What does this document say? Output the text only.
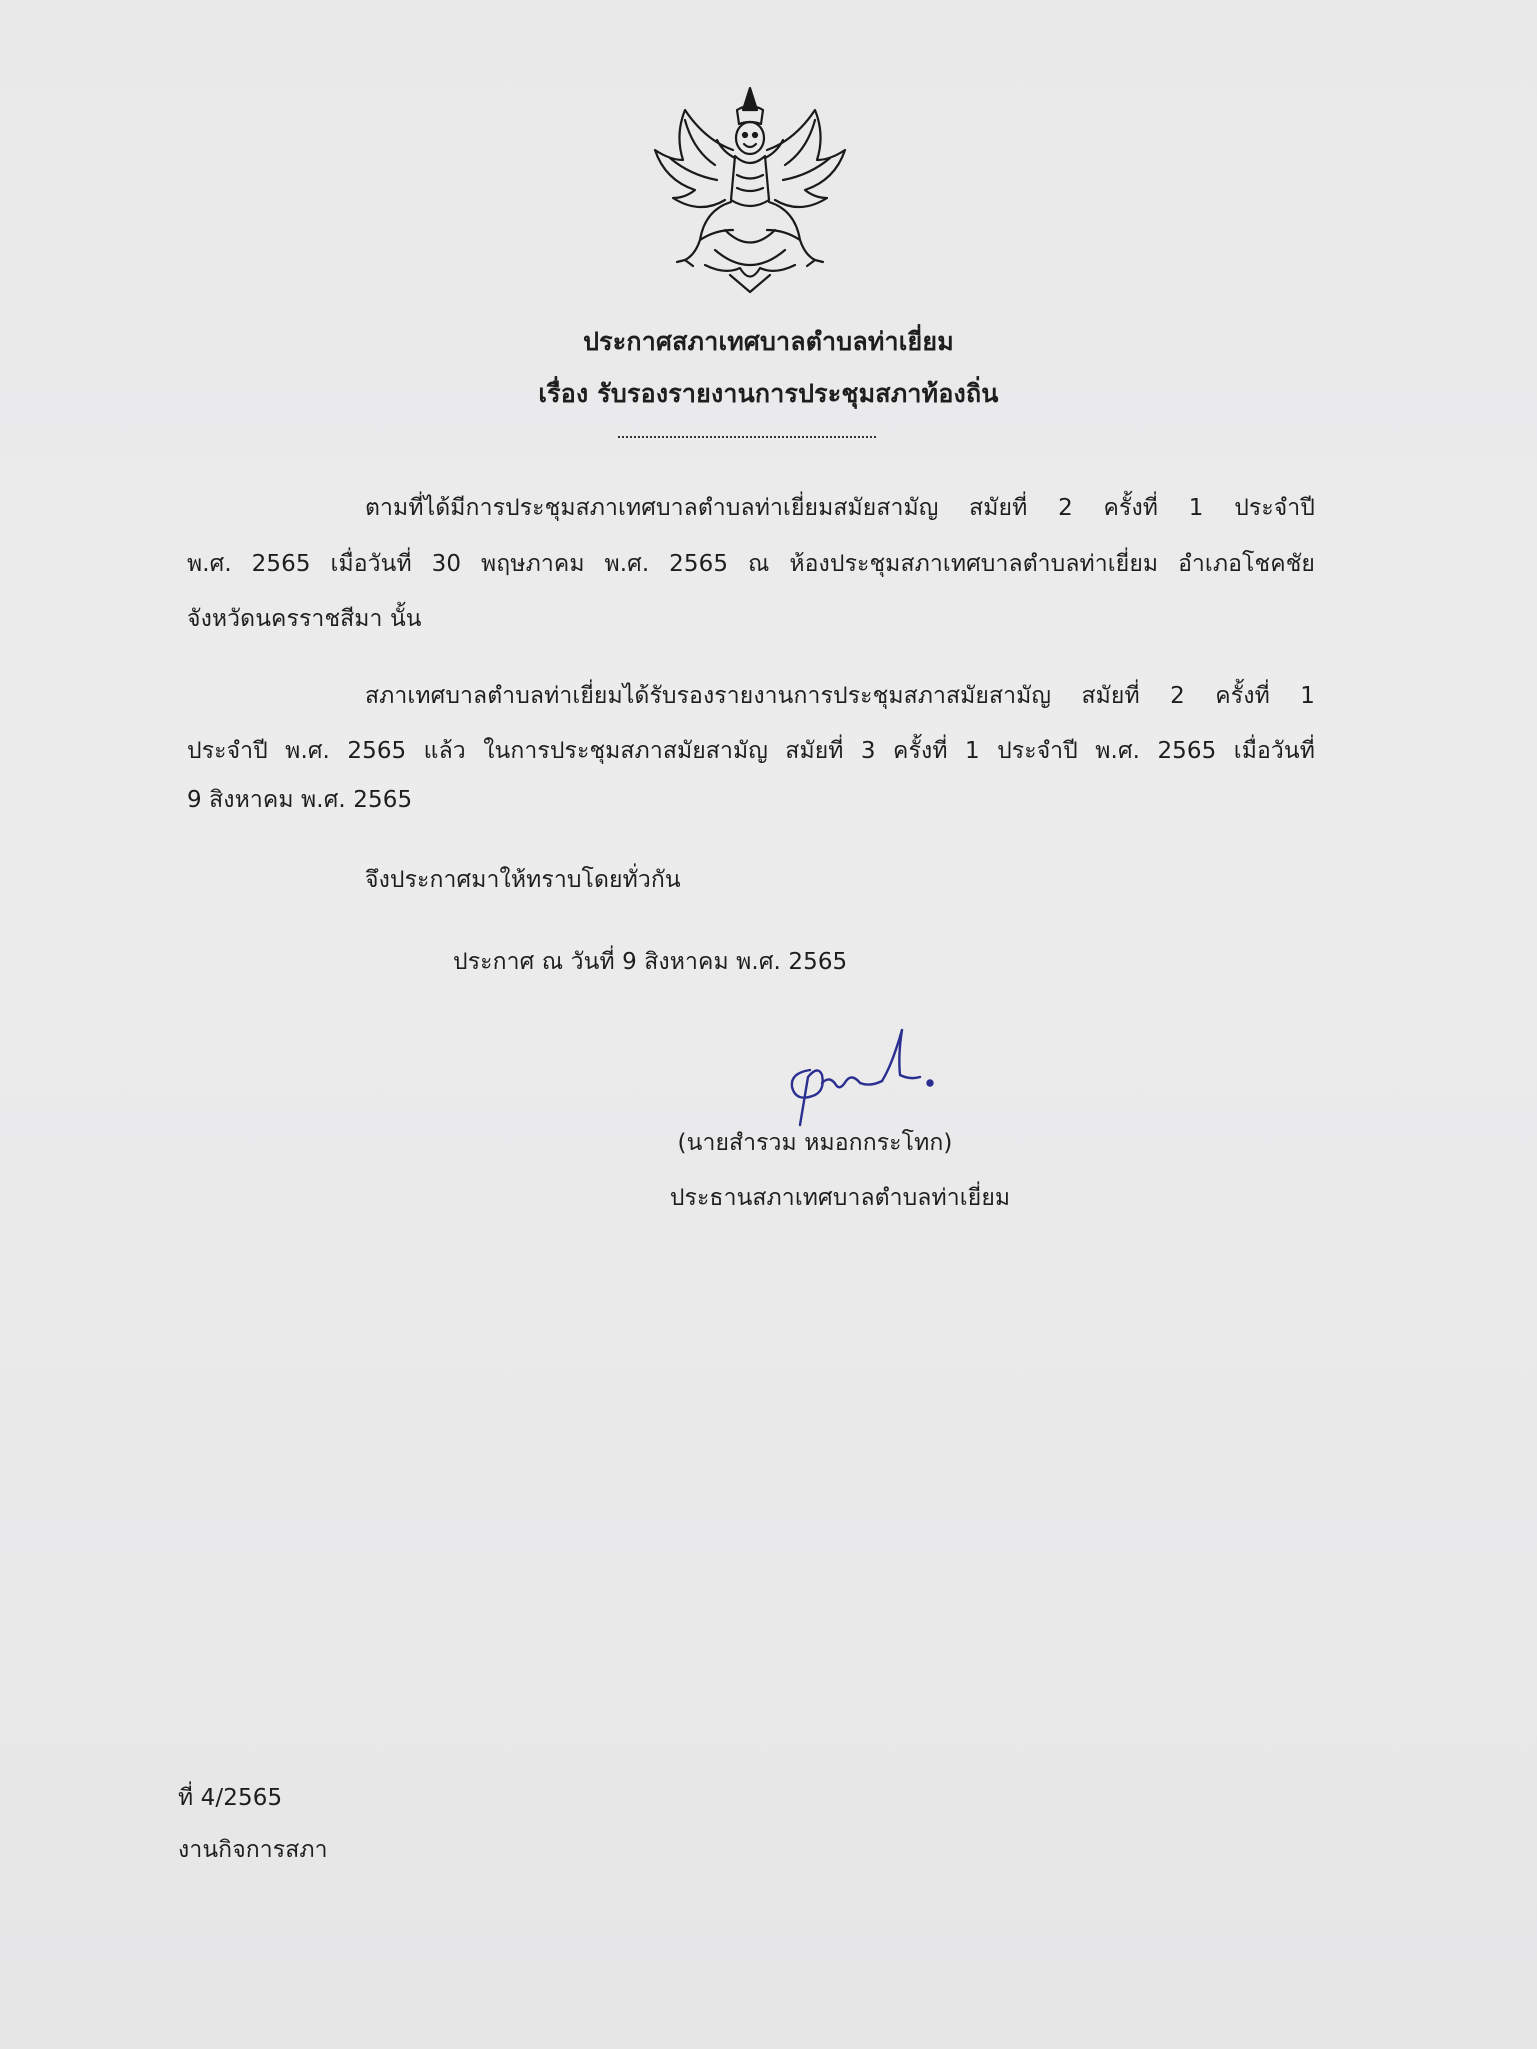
ประกาศสภาเทศบาลตำบลท่าเยี่ยม
เรื่อง รับรองรายงานการประชุมสภาท้องถิ่น
ตามที่ได้มีการประชุมสภาเทศบาลตำบลท่าเยี่ยมสมัยสามัญ สมัยที่ 2 ครั้งที่ 1 ประจำปี
พ.ศ. 2565 เมื่อวันที่ 30 พฤษภาคม พ.ศ. 2565 ณ ห้องประชุมสภาเทศบาลตำบลท่าเยี่ยม อำเภอโชคชัย
จังหวัดนครราชสีมา นั้น
สภาเทศบาลตำบลท่าเยี่ยมได้รับรองรายงานการประชุมสภาสมัยสามัญ สมัยที่ 2 ครั้งที่ 1
ประจำปี พ.ศ. 2565 แล้ว ในการประชุมสภาสมัยสามัญ สมัยที่ 3 ครั้งที่ 1 ประจำปี พ.ศ. 2565 เมื่อวันที่
9 สิงหาคม พ.ศ. 2565
จึงประกาศมาให้ทราบโดยทั่วกัน
ประกาศ ณ วันที่ 9 สิงหาคม พ.ศ. 2565
(นายสำรวม หมอกกระโทก)
ประธานสภาเทศบาลตำบลท่าเยี่ยม
ที่ 4/2565
งานกิจการสภา
